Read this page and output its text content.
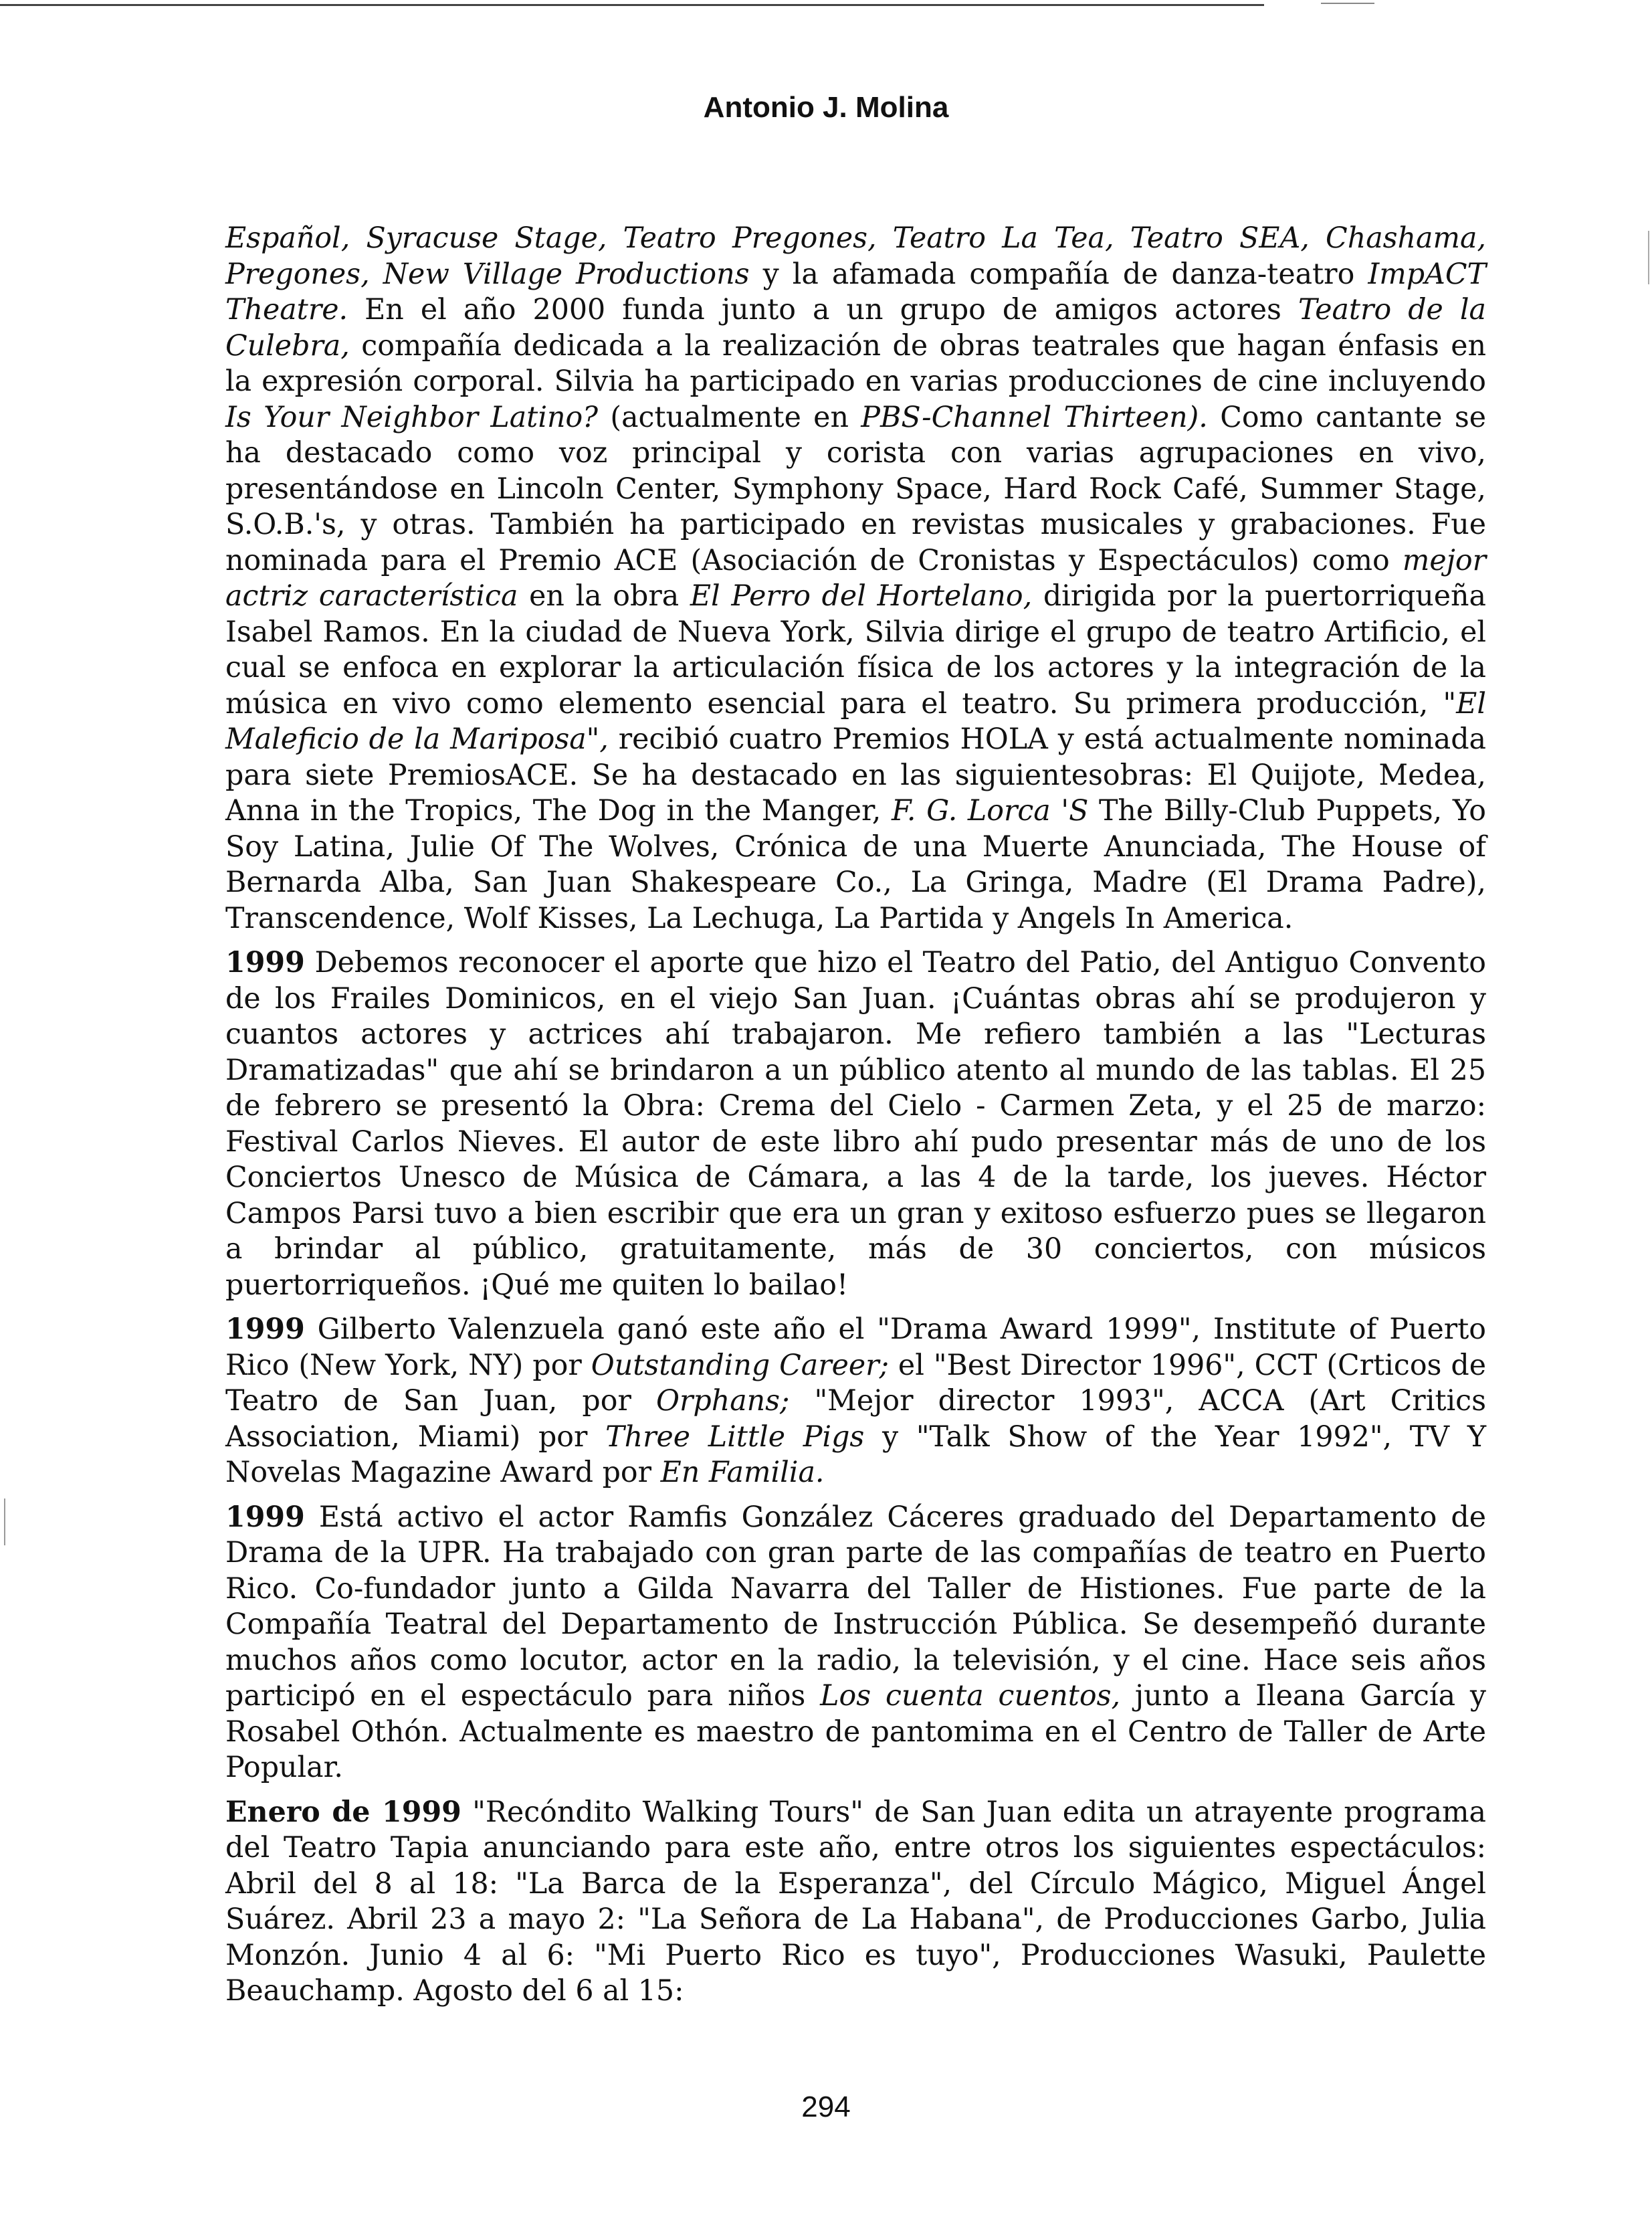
Antonio J. Molina

Español, Syracuse Stage, Teatro Pregones, Teatro La Tea, Teatro SEA, Chashama, Pregones, New Village Productions y la afamada compañía de danza-teatro ImpACT Theatre. En el año 2000 funda junto a un grupo de amigos actores Teatro de la Culebra, compañía dedicada a la realización de obras teatrales que hagan énfasis en la expresión corporal. Silvia ha participado en varias producciones de cine incluyendo Is Your Neighbor Latino? (actualmente en PBS-Channel Thirteen). Como cantante se ha destacado como voz principal y corista con varias agrupaciones en vivo, presentándose en Lincoln Center, Symphony Space, Hard Rock Café, Summer Stage, S.O.B.'s, y otras. También ha participado en revistas musicales y grabaciones. Fue nominada para el Premio ACE (Asociación de Cronistas y Espectáculos) como mejor actriz característica en la obra El Perro del Hortelano, dirigida por la puertorriqueña Isabel Ramos. En la ciudad de Nueva York, Silvia dirige el grupo de teatro Artificio, el cual se enfoca en explorar la articulación física de los actores y la integración de la música en vivo como elemento esencial para el teatro. Su primera producción, "El Maleficio de la Mariposa", recibió cuatro Premios HOLA y está actualmente nominada para siete PremiosACE. Se ha destacado en las siguientesobras: El Quijote, Medea, Anna in the Tropics, The Dog in the Manger, F. G. Lorca 'S The Billy-Club Puppets, Yo Soy Latina, Julie Of The Wolves, Crónica de una Muerte Anunciada, The House of Bernarda Alba, San Juan Shakespeare Co., La Gringa, Madre (El Drama Padre), Transcendence, Wolf Kisses, La Lechuga, La Partida y Angels In America.

1999 Debemos reconocer el aporte que hizo el Teatro del Patio, del Antiguo Convento de los Frailes Dominicos, en el viejo San Juan. ¡Cuántas obras ahí se produjeron y cuantos actores y actrices ahí trabajaron. Me refiero también a las "Lecturas Dramatizadas" que ahí se brindaron a un público atento al mundo de las tablas. El 25 de febrero se presentó la Obra: Crema del Cielo - Carmen Zeta, y el 25 de marzo: Festival Carlos Nieves. El autor de este libro ahí pudo presentar más de uno de los Conciertos Unesco de Música de Cámara, a las 4 de la tarde, los jueves. Héctor Campos Parsi tuvo a bien escribir que era un gran y exitoso esfuerzo pues se llegaron a brindar al público, gratuitamente, más de 30 conciertos, con músicos puertorriqueños. ¡Qué me quiten lo bailao!

1999 Gilberto Valenzuela ganó este año el "Drama Award 1999", Institute of Puerto Rico (New York, NY) por Outstanding Career; el "Best Director 1996", CCT (Crticos de Teatro de San Juan, por Orphans; "Mejor director 1993", ACCA (Art Critics Association, Miami) por Three Little Pigs y "Talk Show of the Year 1992", TV Y Novelas Magazine Award por En Familia.

1999 Está activo el actor Ramfis González Cáceres graduado del Departamento de Drama de la UPR. Ha trabajado con gran parte de las compañías de teatro en Puerto Rico. Co-fundador junto a Gilda Navarra del Taller de Histiones. Fue parte de la Compañía Teatral del Departamento de Instrucción Pública. Se desempeñó durante muchos años como locutor, actor en la radio, la televisión, y el cine. Hace seis años participó en el espectáculo para niños Los cuenta cuentos, junto a Ileana García y Rosabel Othón. Actualmente es maestro de pantomima en el Centro de Taller de Arte Popular.

Enero de 1999 "Recóndito Walking Tours" de San Juan edita un atrayente programa del Teatro Tapia anunciando para este año, entre otros los siguientes espectáculos: Abril del 8 al 18: "La Barca de la Esperanza", del Círculo Mágico, Miguel Ángel Suárez. Abril 23 a mayo 2: "La Señora de La Habana", de Producciones Garbo, Julia Monzón. Junio 4 al 6: "Mi Puerto Rico es tuyo", Producciones Wasuki, Paulette Beauchamp. Agosto del 6 al 15:

294
